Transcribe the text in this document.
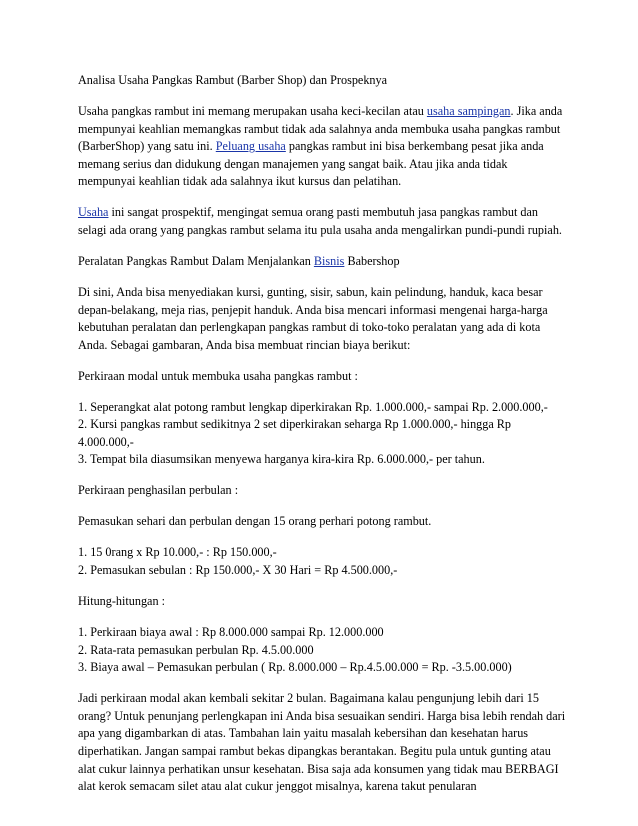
Analisa Usaha Pangkas Rambut (Barber Shop) dan Prospeknya

Usaha pangkas rambut ini memang merupakan usaha keci-kecilan atau usaha sampingan. Jika anda mempunyai keahlian memangkas rambut tidak ada salahnya anda membuka usaha pangkas rambut (BarberShop) yang satu ini. Peluang usaha pangkas rambut ini bisa berkembang pesat jika anda memang serius dan didukung dengan manajemen yang sangat baik. Atau jika anda tidak mempunyai keahlian tidak ada salahnya ikut kursus dan pelatihan.

Usaha ini sangat prospektif, mengingat semua orang pasti membutuh jasa pangkas rambut dan selagi ada orang yang pangkas rambut selama itu pula usaha anda mengalirkan pundi-pundi rupiah.

Peralatan Pangkas Rambut Dalam Menjalankan Bisnis Babershop

Di sini, Anda bisa menyediakan kursi, gunting, sisir, sabun, kain pelindung, handuk, kaca besar depan-belakang, meja rias, penjepit handuk. Anda bisa mencari informasi mengenai harga-harga kebutuhan peralatan dan perlengkapan pangkas rambut di toko-toko peralatan yang ada di kota Anda. Sebagai gambaran, Anda bisa membuat rincian biaya berikut:

Perkiraan modal untuk membuka usaha pangkas rambut :

1. Seperangkat alat potong rambut lengkap diperkirakan Rp. 1.000.000,- sampai Rp. 2.000.000,-
2. Kursi pangkas rambut sedikitnya 2 set diperkirakan seharga Rp 1.000.000,- hingga Rp 4.000.000,-
3. Tempat bila diasumsikan menyewa harganya kira-kira Rp. 6.000.000,- per tahun.

Perkiraan penghasilan perbulan :

Pemasukan sehari dan perbulan dengan 15 orang perhari potong rambut.

1. 15 0rang x Rp 10.000,- : Rp 150.000,-
2. Pemasukan sebulan : Rp 150.000,- X 30 Hari = Rp 4.500.000,-

Hitung-hitungan :

1. Perkiraan biaya awal : Rp 8.000.000 sampai Rp. 12.000.000
2. Rata-rata pemasukan perbulan Rp. 4.5.00.000
3. Biaya awal – Pemasukan perbulan ( Rp. 8.000.000 – Rp.4.5.00.000 = Rp. -3.5.00.000)

Jadi perkiraan modal akan kembali sekitar 2 bulan. Bagaimana kalau pengunjung lebih dari 15 orang? Untuk penunjang perlengkapan ini Anda bisa sesuaikan sendiri. Harga bisa lebih rendah dari apa yang digambarkan di atas. Tambahan lain yaitu masalah kebersihan dan kesehatan harus diperhatikan. Jangan sampai rambut bekas dipangkas berantakan. Begitu pula untuk gunting atau alat cukur lainnya perhatikan unsur kesehatan. Bisa saja ada konsumen yang tidak mau BERBAGI alat kerok semacam silet atau alat cukur jenggot misalnya, karena takut penularan
